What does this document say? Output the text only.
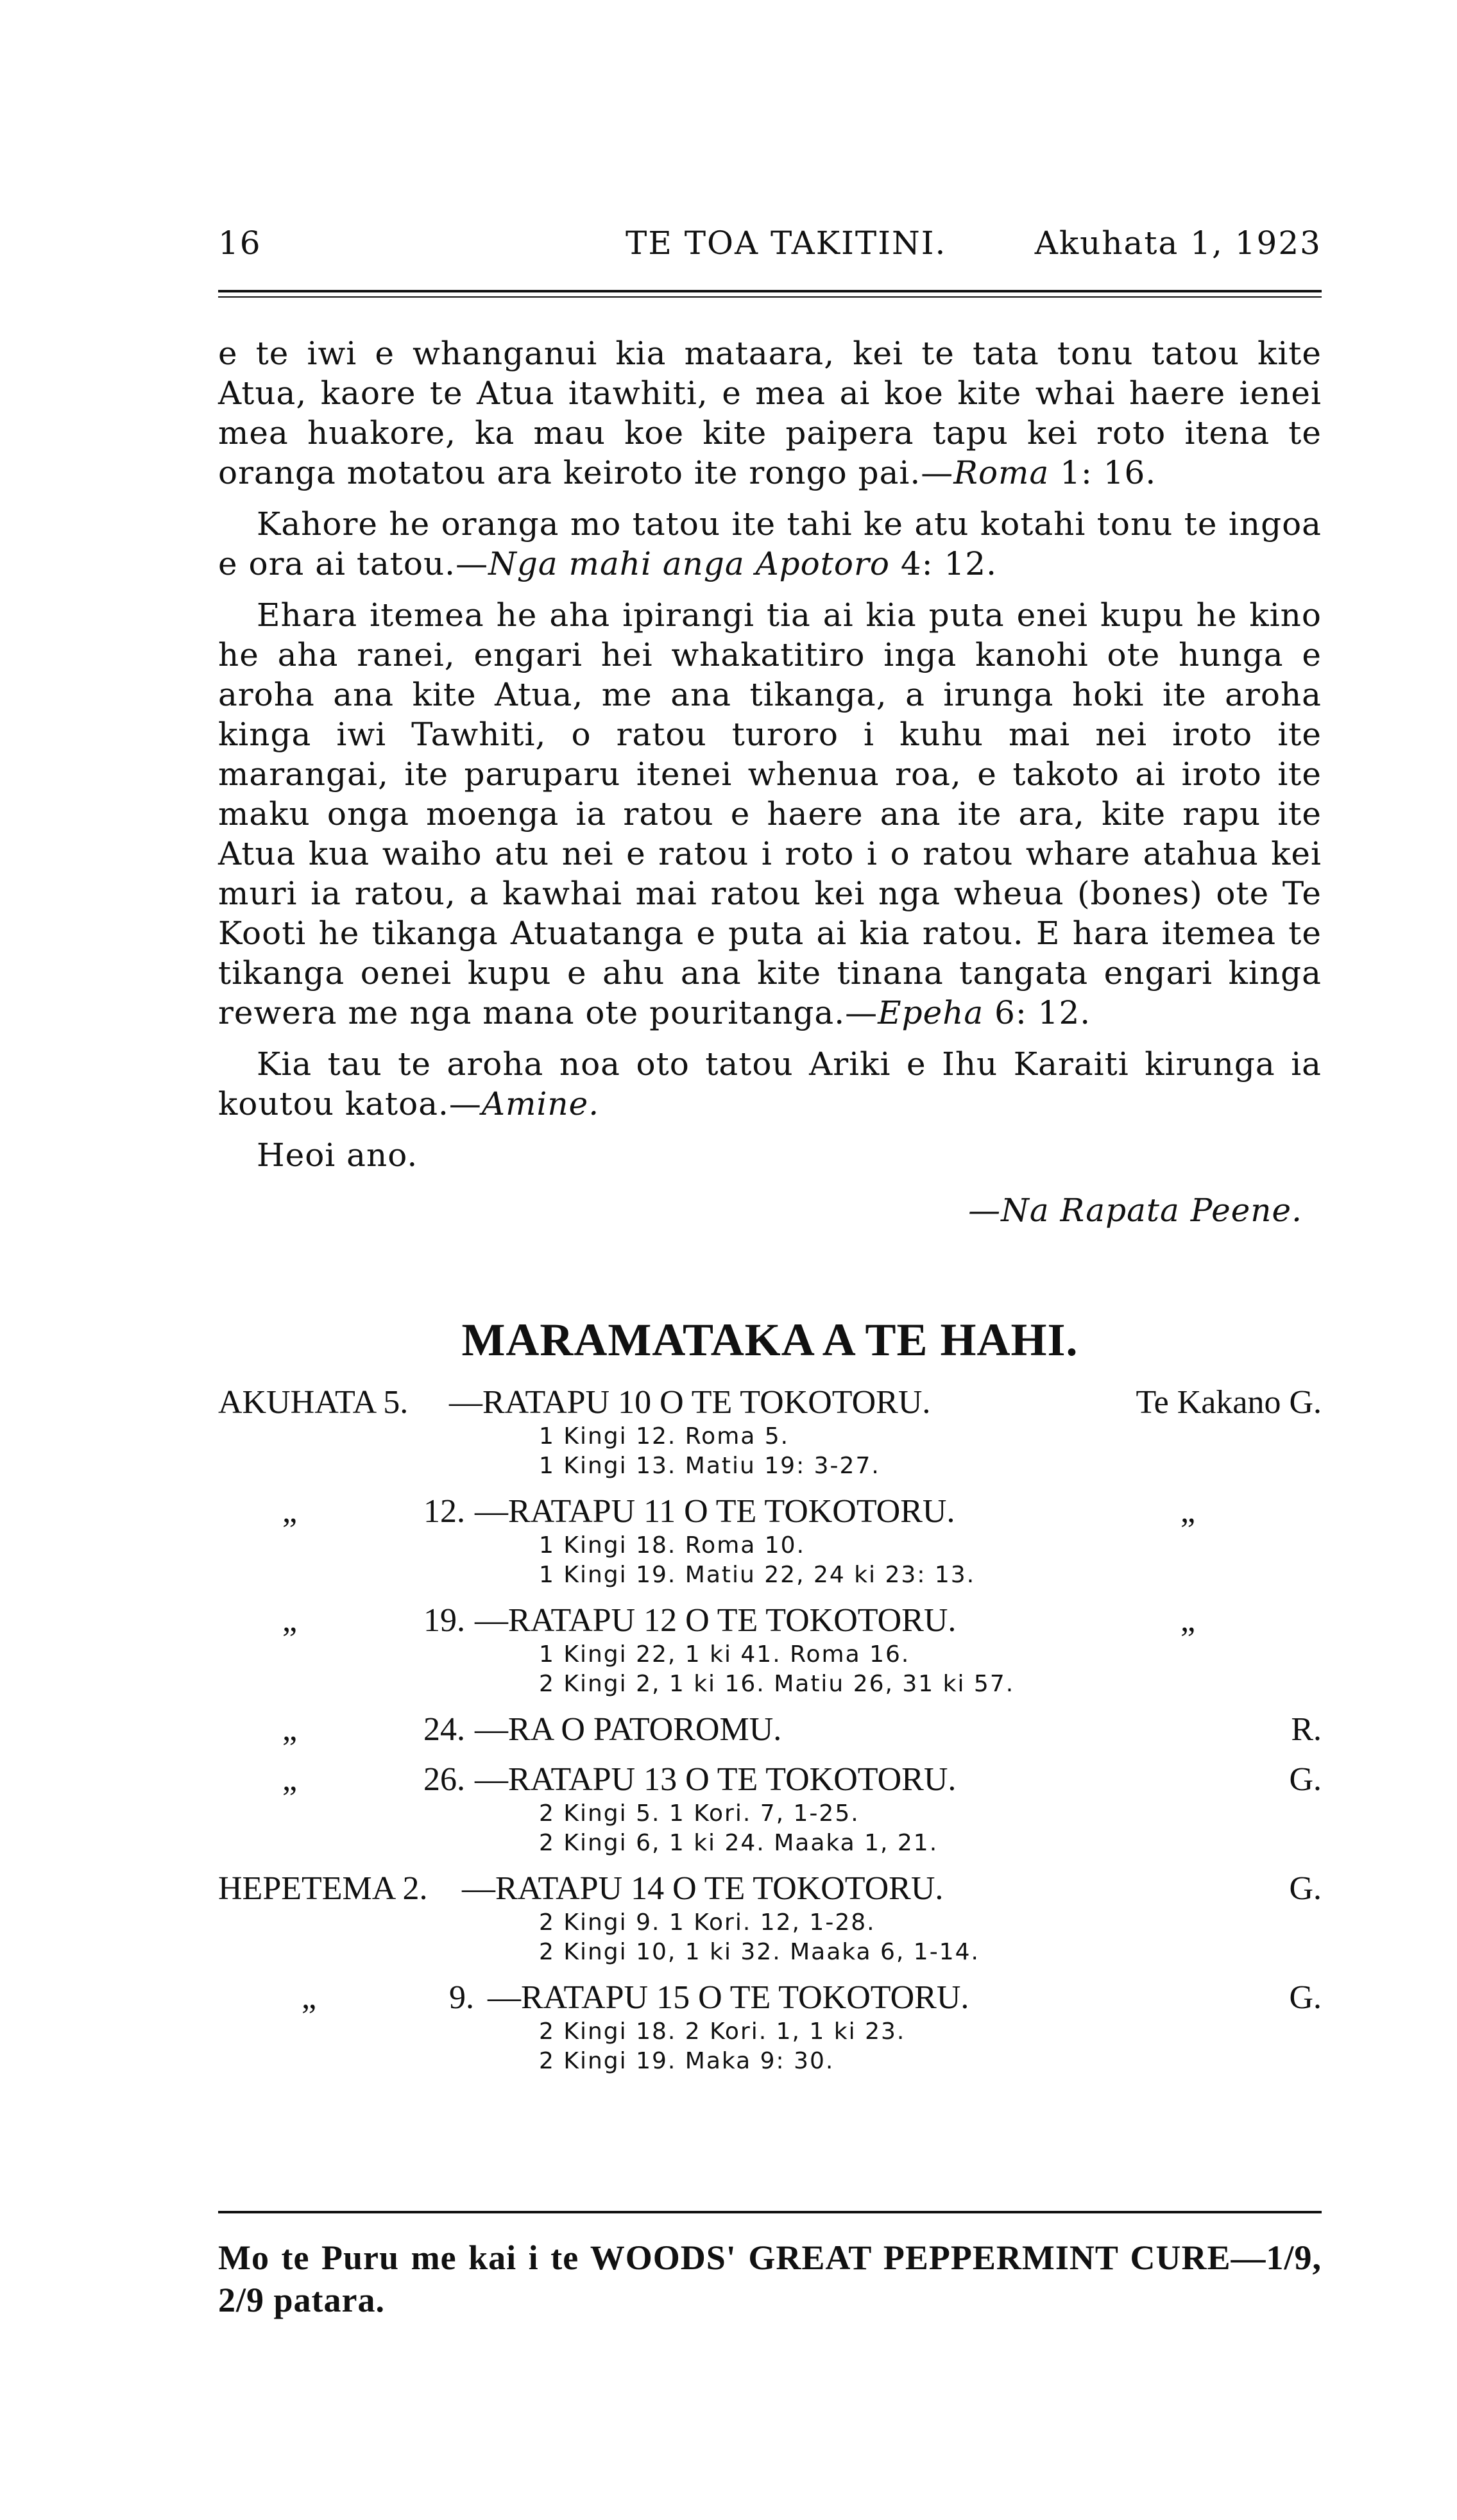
16	TE TOA TAKITINI.	Akuhata 1, 1923

e te iwi e whanganui kia mataara, kei te tata tonu tatou kite Atua, kaore te Atua itawhiti, e mea ai koe kite whai haere ienei mea huakore, ka mau koe kite paipera tapu kei roto itena te oranga motatou ara keiroto ite rongo pai.—Roma 1: 16.

Kahore he oranga mo tatou ite tahi ke atu kotahi tonu te ingoa e ora ai tatou.—Nga mahi anga Apotoro 4: 12.

Ehara itemea he aha ipirangi tia ai kia puta enei kupu he kino he aha ranei, engari hei whakatitiro inga kanohi ote hunga e aroha ana kite Atua, me ana tikanga, a irunga hoki ite aroha kinga iwi Tawhiti, o ratou turoro i kuhu mai nei iroto ite marangai, ite paruparu itenei whenua roa, e takoto ai iroto ite maku onga moenga ia ratou e haere ana ite ara, kite rapu ite Atua kua waiho atu nei e ratou i roto i o ratou whare atahua kei muri ia ratou, a kawhai mai ratou kei nga wheua (bones) ote Te Kooti he tikanga Atuatanga e puta ai kia ratou. E hara itemea te tikanga oenei kupu e ahu ana kite tinana tangata engari kinga rewera me nga mana ote pouritanga.—Epeha 6: 12.

Kia tau te aroha noa oto tatou Ariki e Ihu Karaiti kirunga ia koutou katoa.—Amine.

Heoi ano.

—Na Rapata Peene.
MARAMATAKA A TE HAHI.
AKUHATA 5. —RATAPU 10 O TE TOKOTORU.	Te Kakano G.
1 Kingi 12. Roma 5.
1 Kingi 13. Matiu 19: 3-27.
„	12. —RATAPU 11 O TE TOKOTORU.	„
1 Kingi 18. Roma 10.
1 Kingi 19. Matiu 22, 24 ki 23: 13.
„	19. —RATAPU 12 O TE TOKOTORU.	„
1 Kingi 22, 1 ki 41. Roma 16.
2 Kingi 2, 1 ki 16. Matiu 26, 31 ki 57.
„	24. —RA O PATOROMU.	R.
„	26. —RATAPU 13 O TE TOKOTORU.	G.
2 Kingi 5. 1 Kori. 7, 1-25.
2 Kingi 6, 1 ki 24. Maaka 1, 21.
HEPETEMA 2. —RATAPU 14 O TE TOKOTORU.	G.
2 Kingi 9. 1 Kori. 12, 1-28.
2 Kingi 10, 1 ki 32. Maaka 6, 1-14.
„	9. —RATAPU 15 O TE TOKOTORU.	G.
2 Kingi 18. 2 Kori. 1, 1 ki 23.
2 Kingi 19. Maka 9: 30.
Mo te Puru me kai i te WOODS' GREAT PEPPERMINT CURE—1/9, 2/9 patara.
